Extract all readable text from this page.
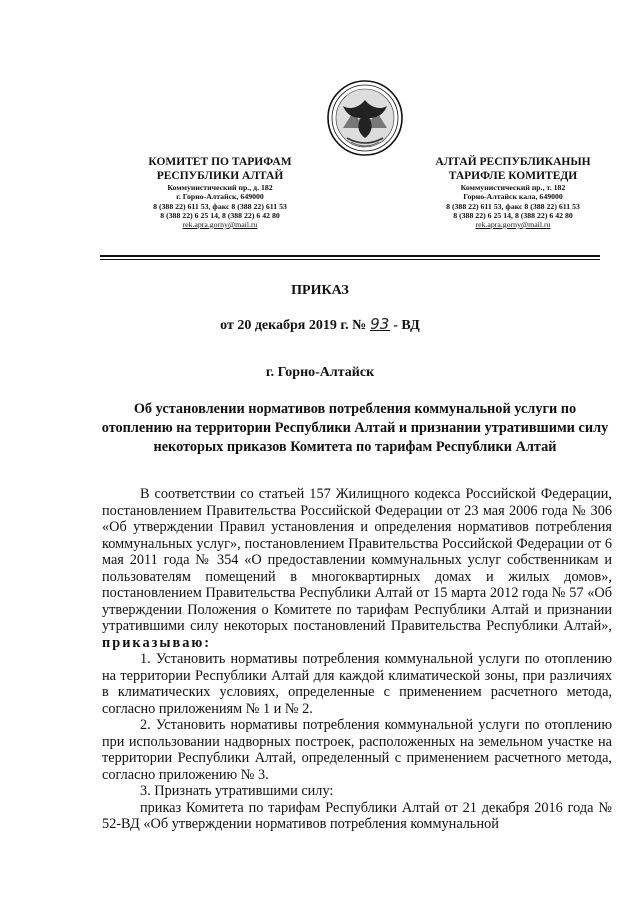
КОМИТЕТ ПО ТАРИФАМ
РЕСПУБЛИКИ АЛТАЙ
Коммунистический пр., д. 182
г. Горно-Алтайск, 649000
8 (388 22) 611 53, факс 8 (388 22) 611 53
8 (388 22) 6 25 14, 8 (388 22) 6 42 80
rek.apra.gorny@mail.ru
АЛТАЙ РЕСПУБЛИКАНЫН
ТАРИФЛЕ КОМИТЕДИ
Коммунистический пр., т. 182
Горно-Алтайск кала, 649000
8 (388 22) 611 53, факс 8 (388 22) 611 53
8 (388 22) 6 25 14, 8 (388 22) 6 42 80
rek.apra.gorny@mail.ru
ПРИКАЗ
от 20 декабря 2019 г. № 93 - ВД
г. Горно-Алтайск
Об установлении нормативов потребления коммунальной услуги по отоплению на территории Республики Алтай и признании утратившими силу некоторых приказов Комитета по тарифам Республики Алтай

В соответствии со статьей 157 Жилищного кодекса Российской Федерации, постановлением Правительства Российской Федерации от 23 мая 2006 года № 306 «Об утверждении Правил установления и определения нормативов потребления коммунальных услуг», постановлением Правительства Российской Федерации от 6 мая 2011 года № 354 «О предоставлении коммунальных услуг собственникам и пользователям помещений в многоквартирных домах и жилых домов», постановлением Правительства Республики Алтай от 15 марта 2012 года № 57 «Об утверждении Положения о Комитете по тарифам Республики Алтай и признании утратившими силу некоторых постановлений Правительства Республики Алтай», приказываю:

1. Установить нормативы потребления коммунальной услуги по отоплению на территории Республики Алтай для каждой климатической зоны, при различиях в климатических условиях, определенные с применением расчетного метода, согласно приложениям № 1 и № 2.

2. Установить нормативы потребления коммунальной услуги по отоплению при использовании надворных построек, расположенных на земельном участке на территории Республики Алтай, определенный с применением расчетного метода, согласно приложению № 3.

3. Признать утратившими силу:

приказ Комитета по тарифам Республики Алтай от 21 декабря 2016 года № 52-ВД «Об утверждении нормативов потребления коммунальной
